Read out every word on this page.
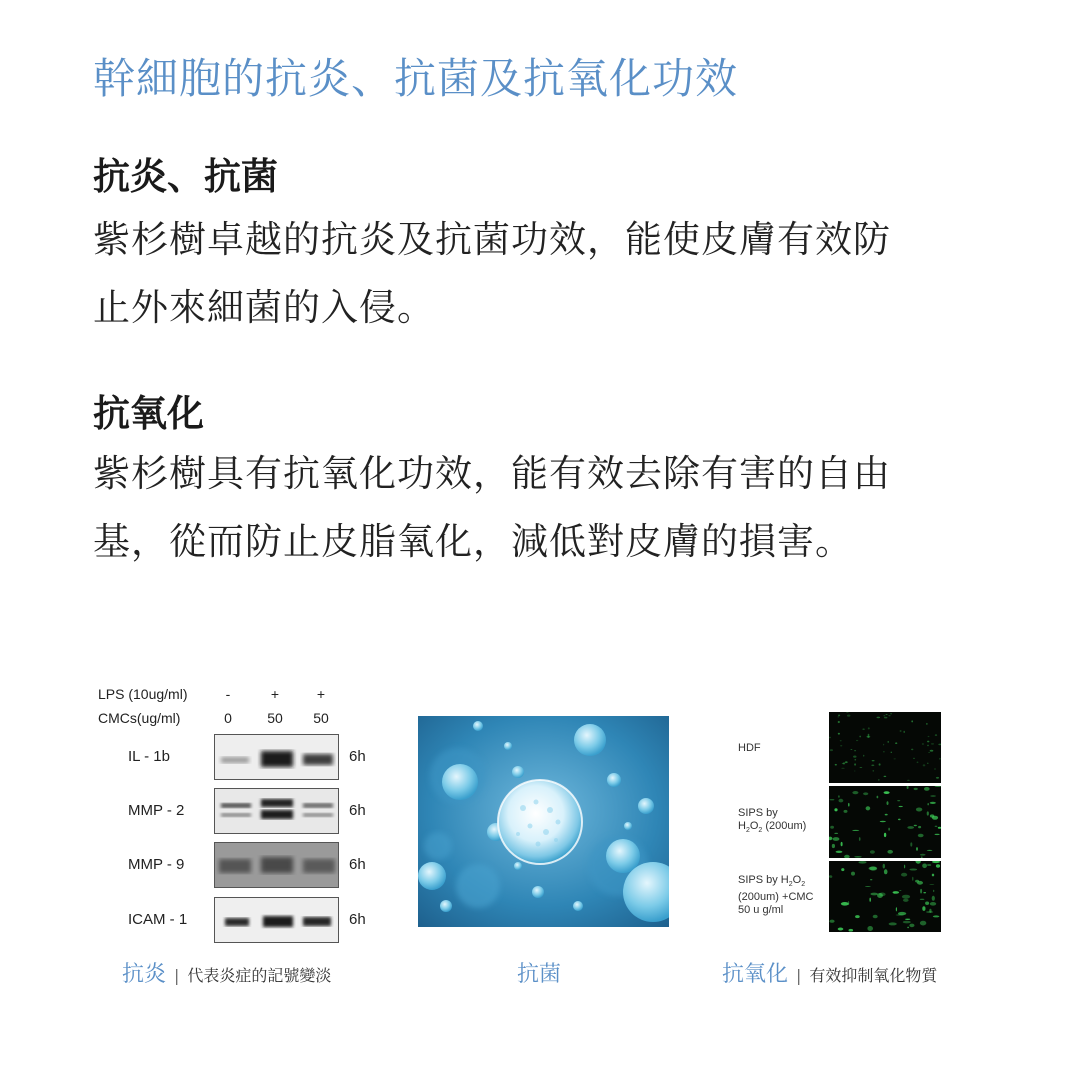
幹細胞的抗炎、抗菌及抗氧化功效
抗炎、抗菌
紫杉樹卓越的抗炎及抗菌功效，能使皮膚有效防
止外來細菌的入侵。
抗氧化
紫杉樹具有抗氧化功效，能有效去除有害的自由
基，從而防止皮脂氧化，減低對皮膚的損害。
LPS (10ug/ml)	-	+	+
CMCs(ug/ml)	0	50	50
IL - 1b	6h
MMP - 2	6h
MMP - 9	6h
ICAM - 1	6h
HDF
SIPS by
$H_2O_2$ (200um)
SIPS by $H_2O_2$
(200um) +CMC
50 u g/ml
抗炎 | 代表炎症的記號變淡	抗菌	抗氧化 | 有效抑制氧化物質
